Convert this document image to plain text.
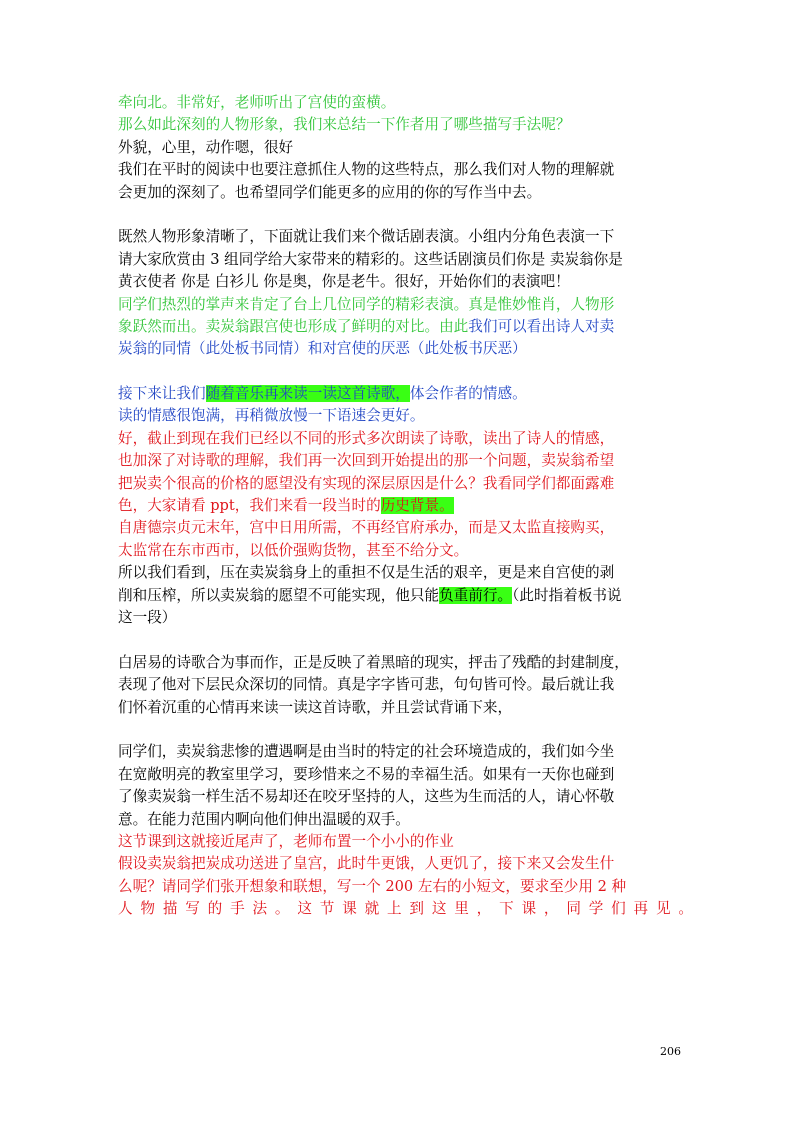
牵向北。非常好，老师听出了宫使的蛮横。
那么如此深刻的人物形象，我们来总结一下作者用了哪些描写手法呢？
外貌，心里，动作嗯，很好
我们在平时的阅读中也要注意抓住人物的这些特点，那么我们对人物的理解就
会更加的深刻了。也希望同学们能更多的应用的你的写作当中去。
既然人物形象清晰了，下面就让我们来个微话剧表演。小组内分角色表演一下
请大家欣赏由 3 组同学给大家带来的精彩的。这些话剧演员们你是 卖炭翁你是
黄衣使者 你是 白衫儿 你是奥，你是老牛。很好，开始你们的表演吧！
同学们热烈的掌声来肯定了台上几位同学的精彩表演。真是惟妙惟肖，人物形
象跃然而出。卖炭翁跟宫使也形成了鲜明的对比。由此我们可以看出诗人对卖
炭翁的同情（此处板书同情）和对宫使的厌恶（此处板书厌恶）
接下来让我们随着音乐再来读一读这首诗歌，体会作者的情感。
读的情感很饱满，再稍微放慢一下语速会更好。
好，截止到现在我们已经以不同的形式多次朗读了诗歌，读出了诗人的情感，
也加深了对诗歌的理解，我们再一次回到开始提出的那一个问题，卖炭翁希望
把炭卖个很高的价格的愿望没有实现的深层原因是什么？我看同学们都面露难
色，大家请看 ppt，我们来看一段当时的历史背景。
自唐德宗贞元末年，宫中日用所需，不再经官府承办，而是又太监直接购买，
太监常在东市西市，以低价强购货物，甚至不给分文。
所以我们看到，压在卖炭翁身上的重担不仅是生活的艰辛，更是来自宫使的剥
削和压榨，所以卖炭翁的愿望不可能实现，他只能负重前行。（此时指着板书说
这一段）
白居易的诗歌合为事而作，正是反映了着黑暗的现实，抨击了残酷的封建制度，
表现了他对下层民众深切的同情。真是字字皆可悲，句句皆可怜。最后就让我
们怀着沉重的心情再来读一读这首诗歌，并且尝试背诵下来，
同学们，卖炭翁悲惨的遭遇啊是由当时的特定的社会环境造成的，我们如今坐
在宽敞明亮的教室里学习，要珍惜来之不易的幸福生活。如果有一天你也碰到
了像卖炭翁一样生活不易却还在咬牙坚持的人，这些为生而活的人，请心怀敬
意。在能力范围内啊向他们伸出温暖的双手。
这节课到这就接近尾声了，老师布置一个小小的作业
假设卖炭翁把炭成功送进了皇宫，此时牛更饿，人更饥了，接下来又会发生什
么呢？请同学们张开想象和联想，写一个 200 左右的小短文，要求至少用 2 种
人物描写的手法。这节课就上到这里，下课，同学们再见。
206
